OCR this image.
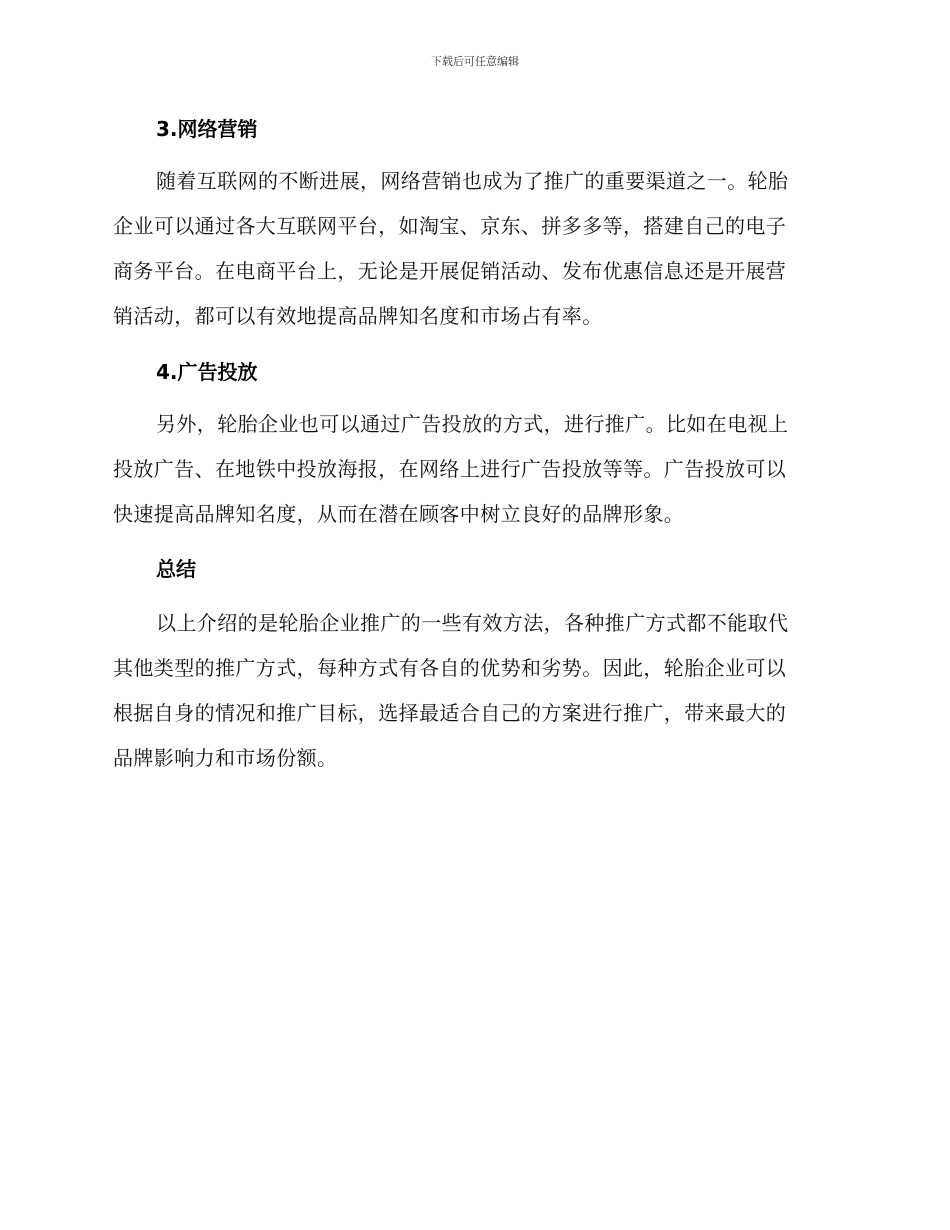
下载后可任意编辑
3.网络营销
随着互联网的不断进展，网络营销也成为了推广的重要渠道之一。轮胎
企业可以通过各大互联网平台，如淘宝、京东、拼多多等，搭建自己的电子
商务平台。在电商平台上，无论是开展促销活动、发布优惠信息还是开展营
销活动，都可以有效地提高品牌知名度和市场占有率。
4.广告投放
另外，轮胎企业也可以通过广告投放的方式，进行推广。比如在电视上
投放广告、在地铁中投放海报，在网络上进行广告投放等等。广告投放可以
快速提高品牌知名度，从而在潜在顾客中树立良好的品牌形象。
总结
以上介绍的是轮胎企业推广的一些有效方法，各种推广方式都不能取代
其他类型的推广方式，每种方式有各自的优势和劣势。因此，轮胎企业可以
根据自身的情况和推广目标，选择最适合自己的方案进行推广，带来最大的
品牌影响力和市场份额。
